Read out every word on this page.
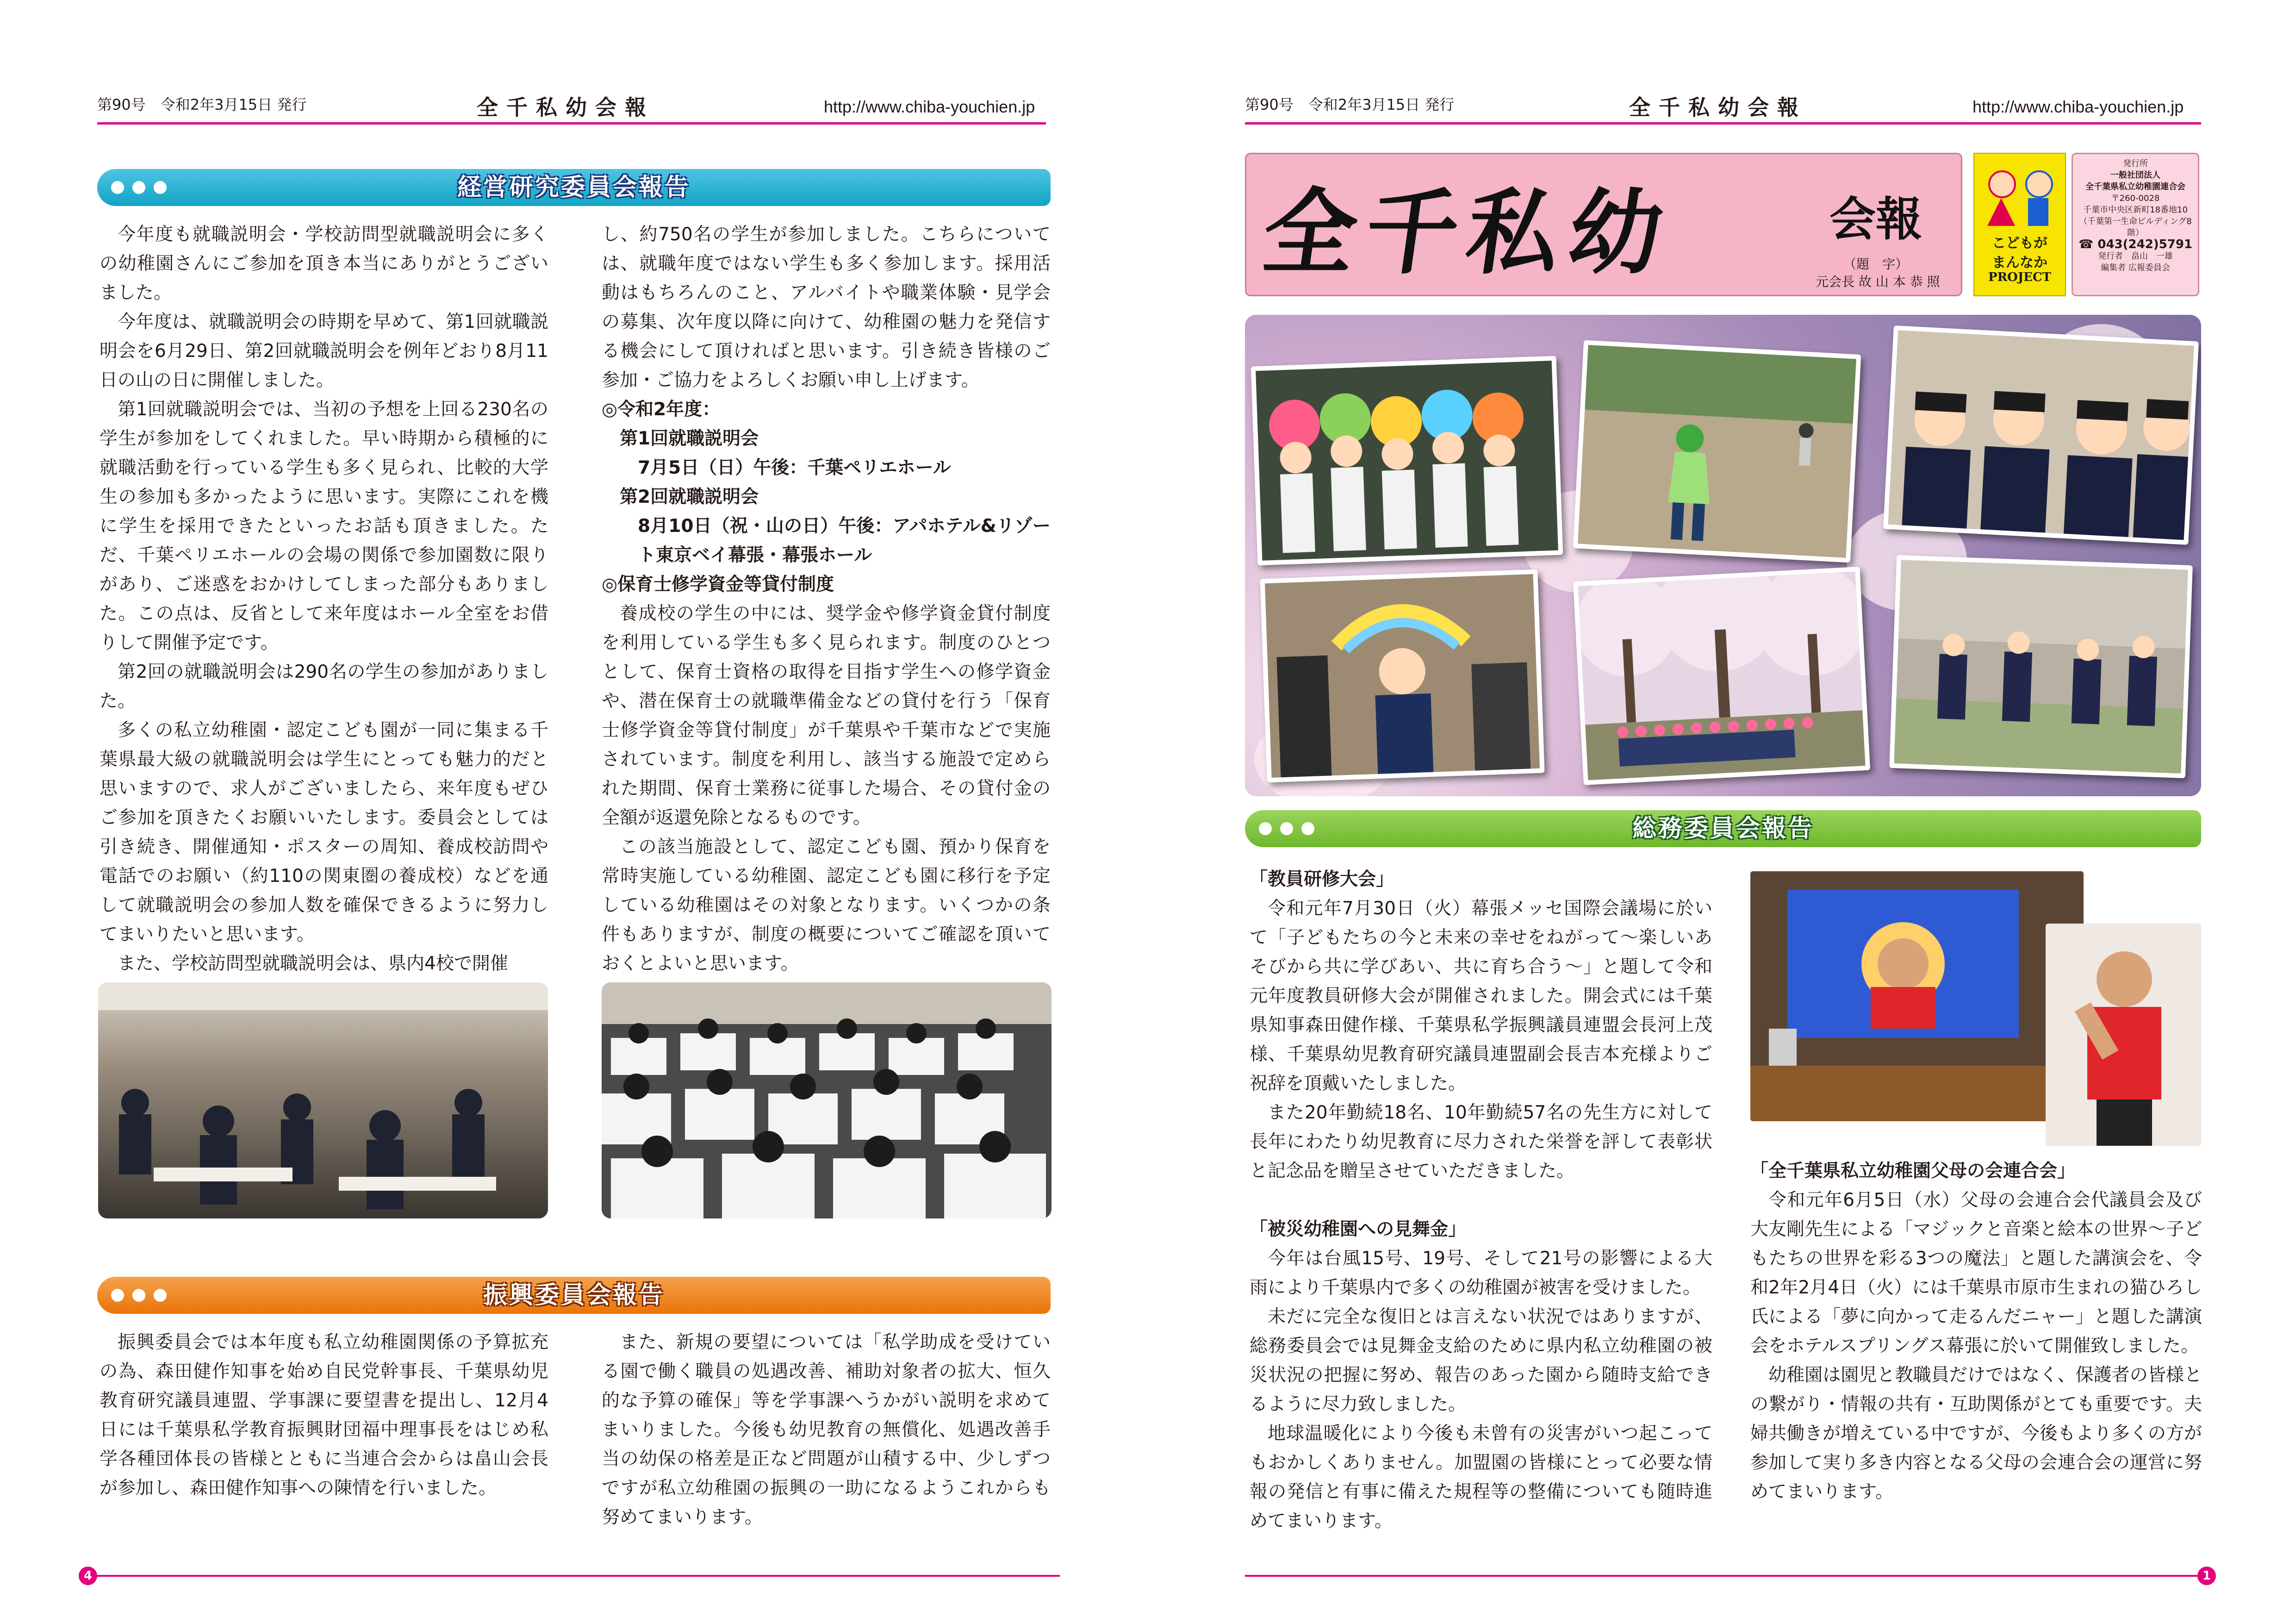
第90号　令和2年3月15日 発行	全千私幼会報	http://www.chiba-youchien.jp
経営研究委員会報告

今年度も就職説明会・学校訪問型就職説明会に多くの幼稚園さんにご参加を頂き本当にありがとうございました。

今年度は、就職説明会の時期を早めて、第1回就職説明会を6月29日、第2回就職説明会を例年どおり8月11日の山の日に開催しました。

第1回就職説明会では、当初の予想を上回る230名の学生が参加をしてくれました。早い時期から積極的に就職活動を行っている学生も多く見られ、比較的大学生の参加も多かったように思います。実際にこれを機に学生を採用できたといったお話も頂きました。ただ、千葉ペリエホールの会場の関係で参加園数に限りがあり、ご迷惑をおかけしてしまった部分もありました。この点は、反省として来年度はホール全室をお借りして開催予定です。

第2回の就職説明会は290名の学生の参加がありました。

多くの私立幼稚園・認定こども園が一同に集まる千葉県最大級の就職説明会は学生にとっても魅力的だと思いますので、求人がございましたら、来年度もぜひご参加を頂きたくお願いいたします。委員会としては引き続き、開催通知・ポスターの周知、養成校訪問や電話でのお願い（約110の関東圏の養成校）などを通して就職説明会の参加人数を確保できるように努力してまいりたいと思います。

また、学校訪問型就職説明会は、県内4校で開催

し、約750名の学生が参加しました。こちらについては、就職年度ではない学生も多く参加します。採用活動はもちろんのこと、アルバイトや職業体験・見学会の募集、次年度以降に向けて、幼稚園の魅力を発信する機会にして頂ければと思います。引き続き皆様のご参加・ご協力をよろしくお願い申し上げます。

◎令和2年度：

第1回就職説明会

7月5日（日）午後：千葉ペリエホール

第2回就職説明会

8月10日（祝・山の日）午後：アパホテル&リゾート東京ベイ幕張・幕張ホール

◎保育士修学資金等貸付制度

養成校の学生の中には、奨学金や修学資金貸付制度を利用している学生も多く見られます。制度のひとつとして、保育士資格の取得を目指す学生への修学資金や、潜在保育士の就職準備金などの貸付を行う「保育士修学資金等貸付制度」が千葉県や千葉市などで実施されています。制度を利用し、該当する施設で定められた期間、保育士業務に従事した場合、その貸付金の全額が返還免除となるものです。

この該当施設として、認定こども園、預かり保育を常時実施している幼稚園、認定こども園に移行を予定している幼稚園はその対象となります。いくつかの条件もありますが、制度の概要についてご確認を頂いておくとよいと思います。

振興委員会報告

振興委員会では本年度も私立幼稚園関係の予算拡充の為、森田健作知事を始め自民党幹事長、千葉県幼児教育研究議員連盟、学事課に要望書を提出し、12月4日には千葉県私学教育振興財団福中理事長をはじめ私学各種団体長の皆様とともに当連合会からは畠山会長が参加し、森田健作知事への陳情を行いました。

また、新規の要望については「私学助成を受けている園で働く職員の処遇改善、補助対象者の拡大、恒久的な予算の確保」等を学事課へうかがい説明を求めてまいりました。今後も幼児教育の無償化、処遇改善手当の幼保の格差是正など問題が山積する中、少しずつですが私立幼稚園の振興の一助になるようこれからも努めてまいります。

4
第90号　令和2年3月15日 発行	全千私幼会報	http://www.chiba-youchien.jp
全千私幼	会報
（題　字）
元会長 故 山 本 恭 照
こどもが
まんなか
PROJECT
発行所
一般社団法人
全千葉県私立幼稚園連合会
〒260-0028
千葉市中央区新町18番地10
（千葉第一生命ビルディング8階）
☎ 043(242)5791
発行者　畠山　一雄
編集者 広報委員会
総務委員会報告

「教員研修大会」

令和元年7月30日（火）幕張メッセ国際会議場に於いて「子どもたちの今と未来の幸せをねがって〜楽しいあそびから共に学びあい、共に育ち合う〜」と題して令和元年度教員研修大会が開催されました。開会式には千葉県知事森田健作様、千葉県私学振興議員連盟会長河上茂様、千葉県幼児教育研究議員連盟副会長吉本充様よりご祝辞を頂戴いたしました。

また20年勤続18名、10年勤続57名の先生方に対して長年にわたり幼児教育に尽力された栄誉を評して表彰状と記念品を贈呈させていただきました。

「被災幼稚園への見舞金」

今年は台風15号、19号、そして21号の影響による大雨により千葉県内で多くの幼稚園が被害を受けました。

未だに完全な復旧とは言えない状況ではありますが、総務委員会では見舞金支給のために県内私立幼稚園の被災状況の把握に努め、報告のあった園から随時支給できるように尽力致しました。

地球温暖化により今後も未曾有の災害がいつ起こってもおかしくありません。加盟園の皆様にとって必要な情報の発信と有事に備えた規程等の整備についても随時進めてまいります。

「全千葉県私立幼稚園父母の会連合会」

令和元年6月5日（水）父母の会連合会代議員会及び大友剛先生による「マジックと音楽と絵本の世界〜子どもたちの世界を彩る3つの魔法」と題した講演会を、令和2年2月4日（火）には千葉県市原市生まれの猫ひろし氏による「夢に向かって走るんだニャー」と題した講演会をホテルスプリングス幕張に於いて開催致しました。

幼稚園は園児と教職員だけではなく、保護者の皆様との繋がり・情報の共有・互助関係がとても重要です。夫婦共働きが増えている中ですが、今後もより多くの方が参加して実り多き内容となる父母の会連合会の運営に努めてまいります。

1
